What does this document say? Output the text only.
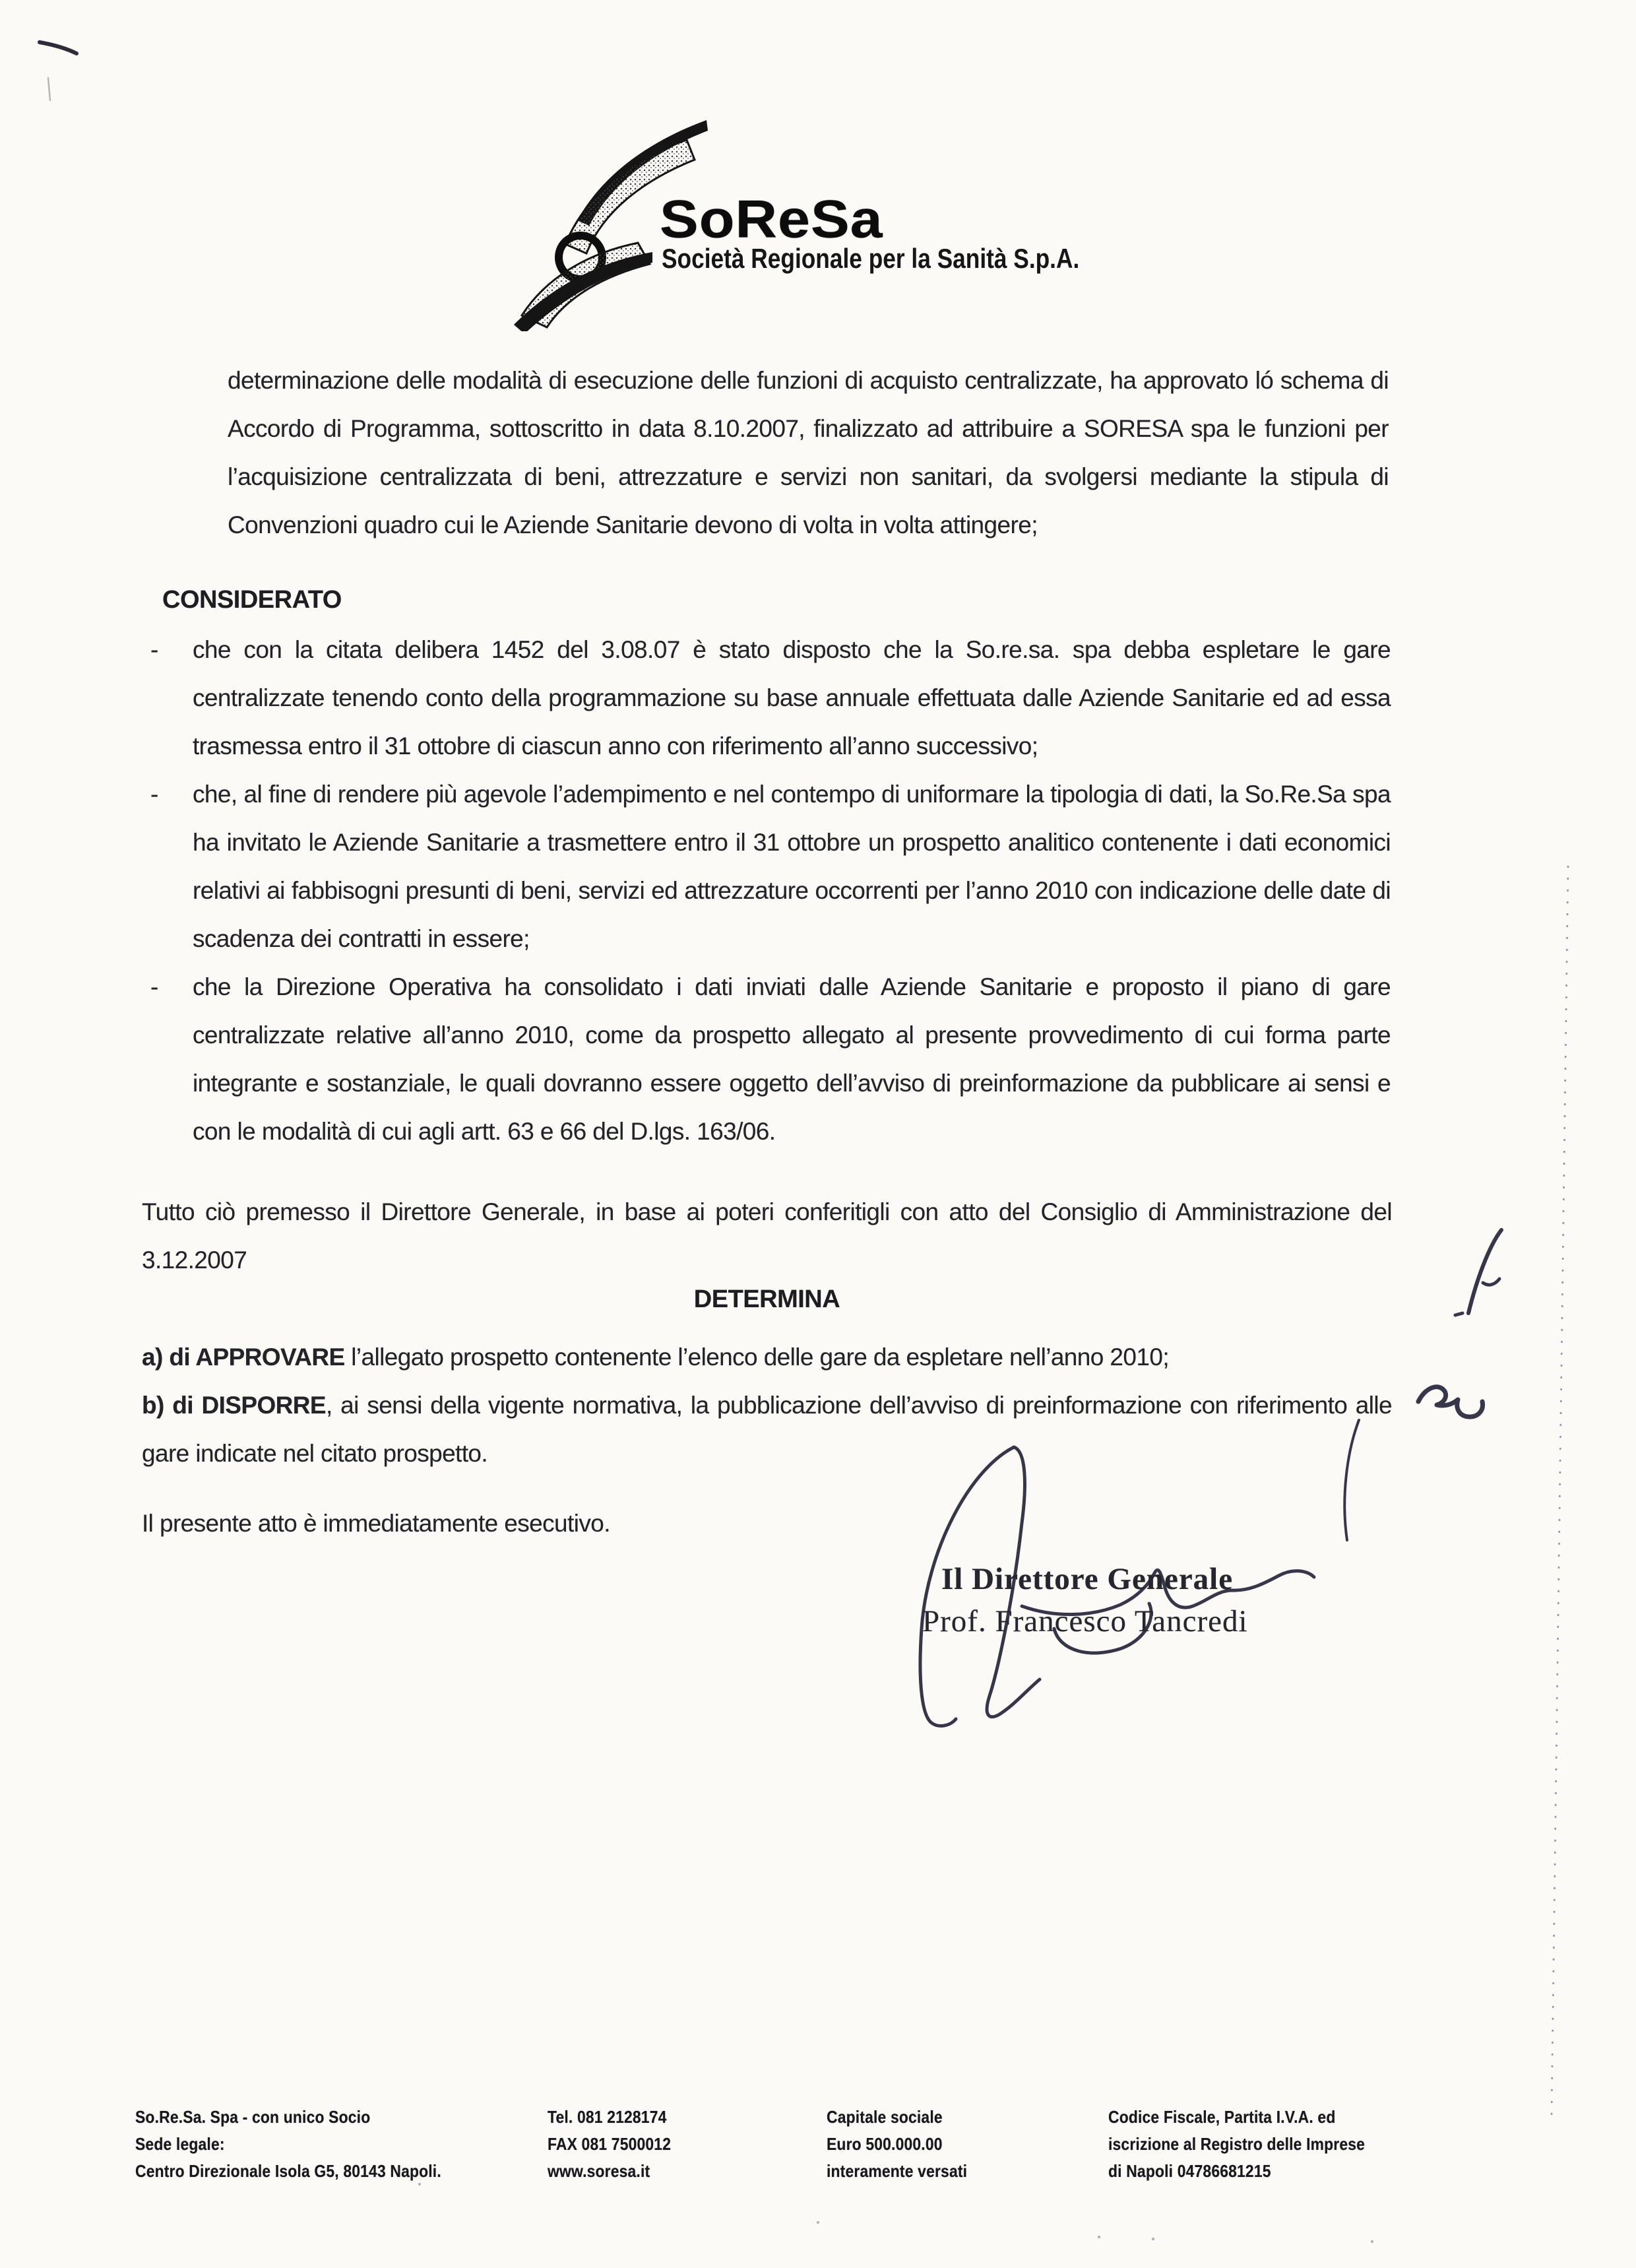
SoReSa
Società Regionale per la Sanità S.p.A.
determinazione delle modalità di esecuzione delle funzioni di acquisto centralizzate, ha approvato ló schema di Accordo di Programma, sottoscritto in data 8.10.2007, finalizzato ad attribuire a SORESA spa le funzioni per l’acquisizione centralizzata di beni, attrezzature e servizi non sanitari, da svolgersi mediante la stipula di Convenzioni quadro cui le Aziende Sanitarie devono di volta in volta attingere;
CONSIDERATO
-	che con la citata delibera 1452 del 3.08.07 è stato disposto che la So.re.sa. spa debba espletare le gare centralizzate tenendo conto della programmazione su base annuale effettuata dalle Aziende Sanitarie ed ad essa trasmessa entro il 31 ottobre di ciascun anno con riferimento all’anno successivo;
-	che, al fine di rendere più agevole l’adempimento e nel contempo di uniformare la tipologia di dati, la So.Re.Sa spa ha invitato le Aziende Sanitarie a trasmettere entro il 31 ottobre un prospetto analitico contenente i dati economici relativi ai fabbisogni presunti di beni, servizi ed attrezzature occorrenti per l’anno 2010 con indicazione delle date di scadenza dei contratti in essere;
-	che la Direzione Operativa ha consolidato i dati inviati dalle Aziende Sanitarie e proposto il piano di gare centralizzate relative all’anno 2010, come da prospetto allegato al presente provvedimento di cui forma parte integrante e sostanziale, le quali dovranno essere oggetto dell’avviso di preinformazione da pubblicare ai sensi e con le modalità di cui agli artt. 63 e 66 del D.lgs. 163/06.
Tutto ciò premesso il Direttore Generale, in base ai poteri conferitigli con atto del Consiglio di Amministrazione del 3.12.2007
DETERMINA
a) di APPROVARE l’allegato prospetto contenente l’elenco delle gare da espletare nell’anno 2010;
b) di DISPORRE, ai sensi della vigente normativa, la pubblicazione dell’avviso di preinformazione con riferimento alle gare indicate nel citato prospetto.
Il presente atto è immediatamente esecutivo.
Il Direttore Generale
Prof. Francesco Tancredi
So.Re.Sa. Spa - con unico Socio
Sede legale:
Centro Direzionale Isola G5, 80143 Napoli.
Tel. 081 2128174
FAX 081 7500012
www.soresa.it
Capitale sociale
Euro 500.000.00
interamente versati
Codice Fiscale, Partita I.V.A. ed
iscrizione al Registro delle Imprese
di Napoli 04786681215
